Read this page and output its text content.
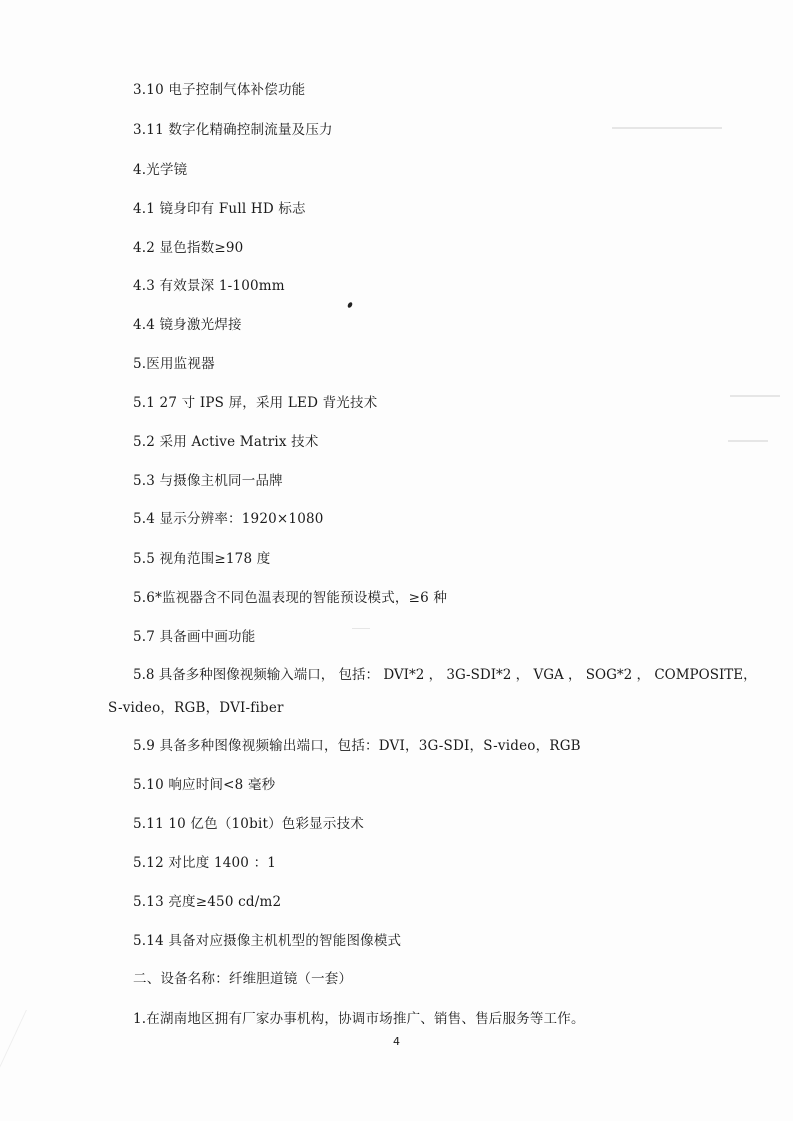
3.10 电子控制气体补偿功能
3.11 数字化精确控制流量及压力
4.光学镜
4.1 镜身印有 Full HD 标志
4.2 显色指数≥90
4.3 有效景深 1-100mm
4.4 镜身激光焊接
5.医用监视器
5.1 27 寸 IPS 屏，采用 LED 背光技术
5.2 采用 Active Matrix 技术
5.3 与摄像主机同一品牌
5.4 显示分辨率：1920×1080
5.5 视角范围≥178 度
5.6*监视器含不同色温表现的智能预设模式，≥6 种
5.7 具备画中画功能
5.8 具备多种图像视频输入端口， 包括： DVI*2 ， 3G-SDI*2 ， VGA ， SOG*2 ， COMPOSITE，
S-video，RGB，DVI-fiber
5.9 具备多种图像视频输出端口，包括：DVI，3G-SDI，S-video，RGB
5.10 响应时间<8 毫秒
5.11 10 亿色（10bit）色彩显示技术
5.12 对比度 1400 ：1
5.13 亮度≥450 cd/m2
5.14 具备对应摄像主机机型的智能图像模式
二、设备名称：纤维胆道镜（一套）
1.在湖南地区拥有厂家办事机构，协调市场推广、销售、售后服务等工作。
4
